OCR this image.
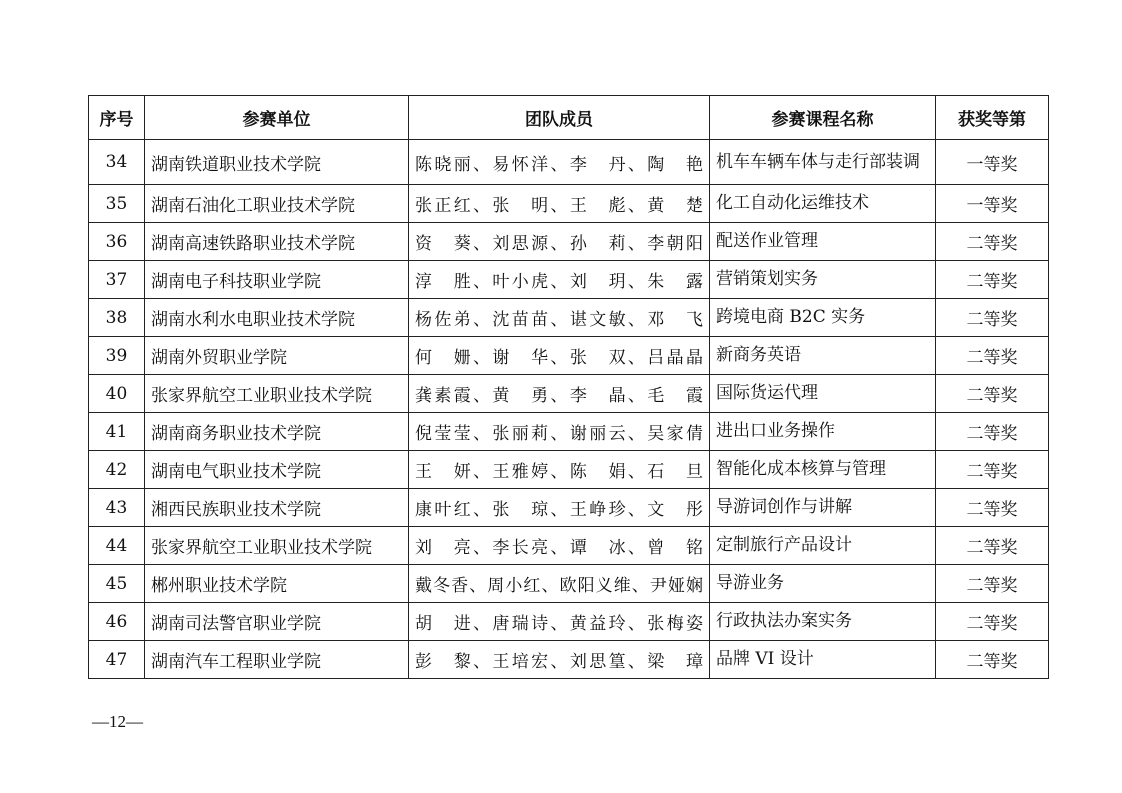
序号	参赛单位	团队成员	参赛课程名称	获奖等第
34	湖南铁道职业技术学院	陈晓丽、易怀洋、李　丹、陶　艳	机车车辆车体与走行部装调	一等奖
35	湖南石油化工职业技术学院	张正红、张　明、王　彪、黄　楚	化工自动化运维技术	一等奖
36	湖南高速铁路职业技术学院	资　葵、刘思源、孙　莉、李朝阳	配送作业管理	二等奖
37	湖南电子科技职业学院	淳　胜、叶小虎、刘　玥、朱　露	营销策划实务	二等奖
38	湖南水利水电职业技术学院	杨佐弟、沈苗苗、谌文敏、邓　飞	跨境电商 B2C 实务	二等奖
39	湖南外贸职业学院	何　姗、谢　华、张　双、吕晶晶	新商务英语	二等奖
40	张家界航空工业职业技术学院	龚素霞、黄　勇、李　晶、毛　霞	国际货运代理	二等奖
41	湖南商务职业技术学院	倪莹莹、张丽莉、谢丽云、吴家倩	进出口业务操作	二等奖
42	湖南电气职业技术学院	王　妍、王雅婷、陈　娟、石　旦	智能化成本核算与管理	二等奖
43	湘西民族职业技术学院	康叶红、张　琼、王峥珍、文　彤	导游词创作与讲解	二等奖
44	张家界航空工业职业技术学院	刘　亮、李长亮、谭　冰、曾　铭	定制旅行产品设计	二等奖
45	郴州职业技术学院	戴冬香、周小红、欧阳义维、尹娅娴	导游业务	二等奖
46	湖南司法警官职业学院	胡　进、唐瑞诗、黄益玲、张梅姿	行政执法办案实务	二等奖
47	湖南汽车工程职业学院	彭　黎、王培宏、刘思篁、梁　璋	品牌 VI 设计	二等奖
—12—
